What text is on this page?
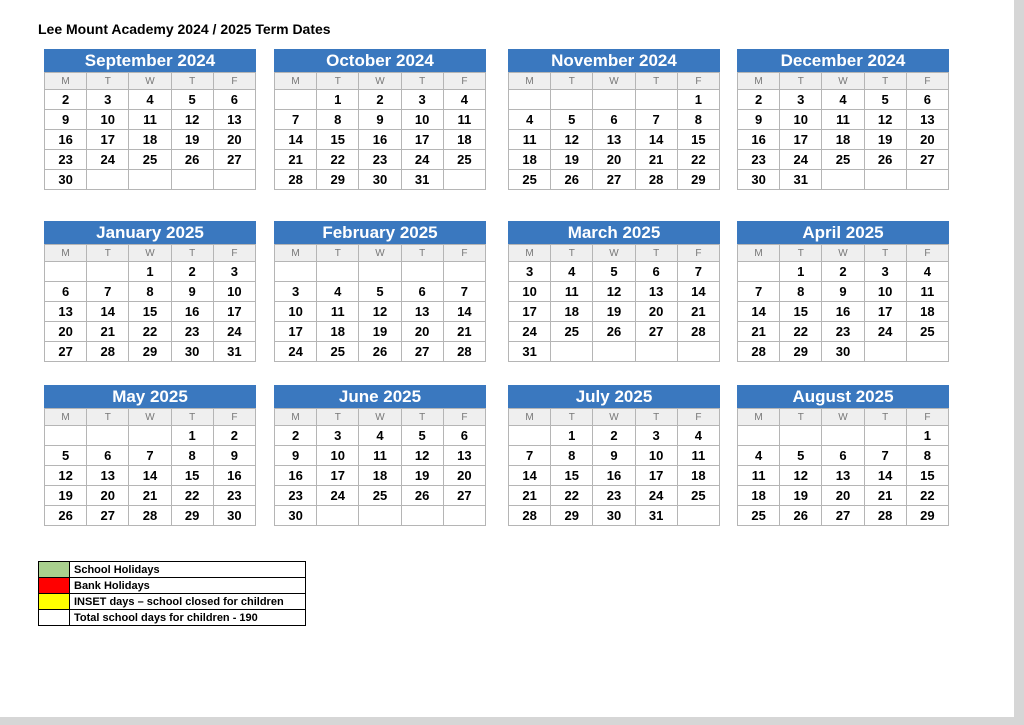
Lee Mount Academy 2024 / 2025 Term Dates
September 2024
M	T	W	T	F
2	3	4	5	6
9	10	11	12	13
16	17	18	19	20
23	24	25	26	27
30				
October 2024
M	T	W	T	F
	1	2	3	4
7	8	9	10	11
14	15	16	17	18
21	22	23	24	25
28	29	30	31	
November 2024
M	T	W	T	F
				1
4	5	6	7	8
11	12	13	14	15
18	19	20	21	22
25	26	27	28	29
December 2024
M	T	W	T	F
2	3	4	5	6
9	10	11	12	13
16	17	18	19	20
23	24	25	26	27
30	31			
January 2025
M	T	W	T	F
		1	2	3
6	7	8	9	10
13	14	15	16	17
20	21	22	23	24
27	28	29	30	31
February 2025
M	T	W	T	F

3	4	5	6	7
10	11	12	13	14
17	18	19	20	21
24	25	26	27	28
March 2025
M	T	W	T	F
3	4	5	6	7
10	11	12	13	14
17	18	19	20	21
24	25	26	27	28
31				
April 2025
M	T	W	T	F
	1	2	3	4
7	8	9	10	11
14	15	16	17	18
21	22	23	24	25
28	29	30		
May 2025
M	T	W	T	F
			1	2
5	6	7	8	9
12	13	14	15	16
19	20	21	22	23
26	27	28	29	30
June 2025
M	T	W	T	F
2	3	4	5	6
9	10	11	12	13
16	17	18	19	20
23	24	25	26	27
30				
July 2025
M	T	W	T	F
	1	2	3	4
7	8	9	10	11
14	15	16	17	18
21	22	23	24	25
28	29	30	31	
August 2025
M	T	W	T	F
				1
4	5	6	7	8
11	12	13	14	15
18	19	20	21	22
25	26	27	28	29
	School Holidays
	Bank Holidays
	INSET days – school closed for children
	Total school days for children - 190
